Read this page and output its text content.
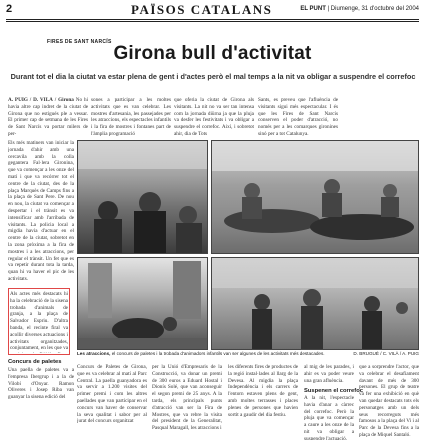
2	PAÏSOS CATALANS	EL PUNT | Diumenge, 31 d'octubre del 2004
FIRES DE SANT NARCÍS
Girona bull d'activitat
Durant tot el dia la ciutat va estar plena de gent i d'actes però el mal temps a la nit va obligar a suspendre el correfoc
A. PUIG / D. VILÀ / Girona No hi havia altre cap indret de la ciutat de Girona que no estigués ple a vessar. El primer cap de setmana de les Fires de Sant Narcís va portar milers de per-
sones a participar a les moltes activitats que es van celebrar. Les mostres d'artesania, les passejades per les atraccions, els espectacles infantils i la fira de mostres i fontanes part de l'àmplia programació
que oferia la ciutat de Girona als visitants. La nit no va ser tan intensa com la jornada diürna ja que la pluja va desfer les festivitats i va obligar a suspendre el correfoc. Així, i sobretot ahir, dia de Tots
Sants, es preveu que l'afluència de visitants sigui més espectacular. I és que les Fires de Sant Narcís conserven el poder d'atracció, no només per a les comarques gironines sinó per a tot Catalunya.
Els més matiners van iniciar la jornada d'ahir amb una cercavila amb la colla gegantera Fal·lera Gironina, que va començar a les onze del matí i que va recórrer tot el centre de la ciutat, des de la plaça Marquès de Camps fins a la plaça de Sant Pere. De nou en nou, la ciutat va començar a despertar i el trànsit es va intensificar amb l'arribada de visitants. La policia local a migdia havia d'actuar en el centre de la ciutat, sobretot en la zona pròxima a la fira de mostres i a les atraccions, per regular el trànsit. Un fet que es va repetir durant tota la tarda, quan hi va haver el pic de les activitats.
Als actes més destacats hi ha la celebració de la sisena trobada d'animals de granja, a la plaça de Salvador Espriu. D'altra banda, el recinte firal va acollir diverses actuacions i activitats organitzades, conjuntament, en les que va
Concurs de paletes
Una paella de paletes va a l'empresa Ibergrup i a la de Vilobí d'Onyar. Ramon Oliveres i Josep Riba van guanyar la sisena edició del
Les atraccions, el concurs de paletes i la trobada d'animadors infantils van ser algunes de les activitats més destacades.	D. BRUGUÉ / C. VILÀ / A. PUIG
Concurs de Paletes de Girona, que es va celebrar al matí al Parc Central. La paella guanyadora es va servir a 1.200 visites del primer premi i com les altres paellades que van participar en el concurs van haver de conservar la seva qualitat i sabor per al jurat del concurs organitzat
per la Unió d'Empresaris de la Construcció, va donar un premi de 300 euros a Eduard Hostal i Dionís Solé, que van aconseguir el segon premi de 25 anys. A la tarda, els principals punts d'atracció van ser la Fira de Mostres, que va rebre la visita del president de la Generalitat, Pasqual Maragall, les atraccions i
les diferents fires de productes de la regió instal·lades al llarg de la Devesa. Al migdia la plaça Independència i els carrers de l'entorn estaven plens de gent, amb moltes terrasses i places plenes de persones que havien sortit a gaudir del dia festiu.
al mig de les parades, i ahir es va poder veure una gran afluència.
Suspenen el correfoc
A la nit, l'espectacle havia d'anar a càrrec del correfoc. Però la pluja que va començar a caure a les onze de la nit va obligar a suspendre l'actuació.
que a sorprendre l'actor, que va celebrar el desafiament davant de més de 300 persones. El grup de teatre va fer una exhibició en què van quedar destacats tots els personatges amb un dels seus recorreguts més famosos a la plaça del Vi i al Parc de la Devesa fins a la plaça de Miquel Santaló.
